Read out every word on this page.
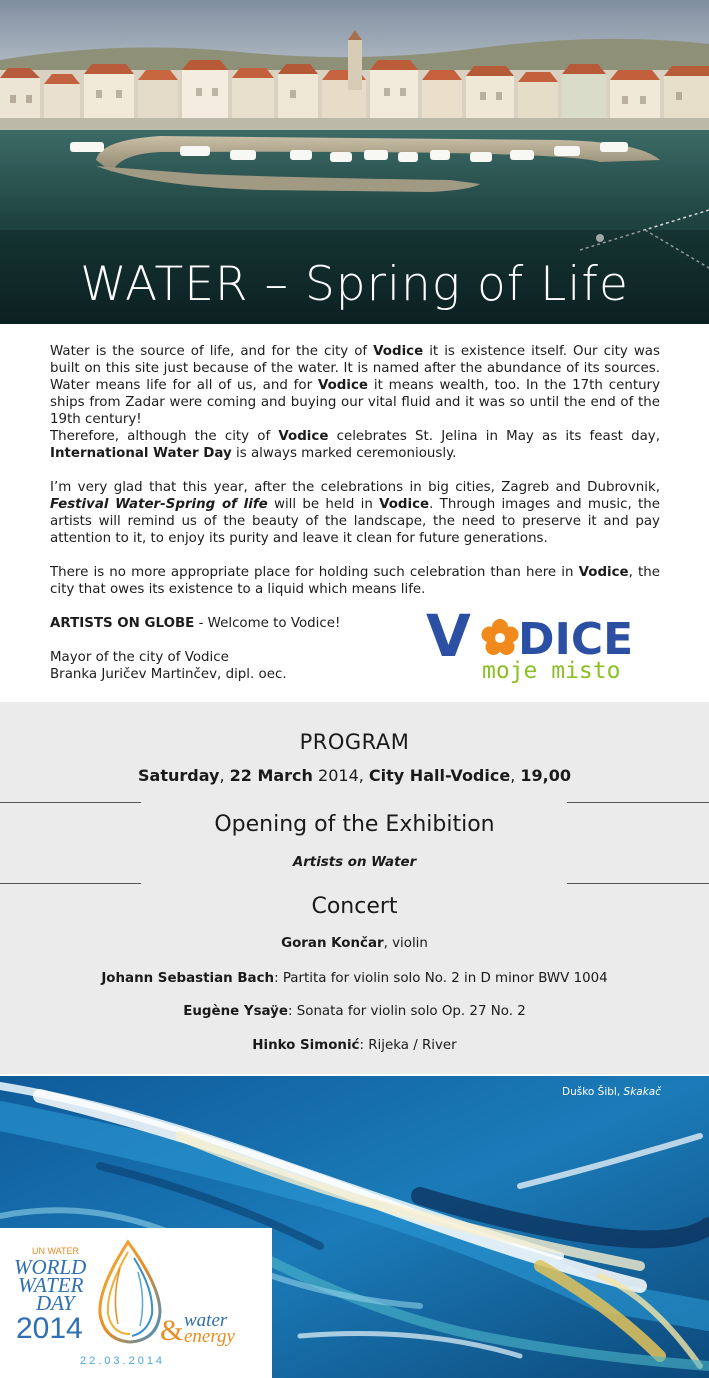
WATER – Spring of Life

Water is the source of life, and for the city of Vodice it is existence itself. Our city was built on this site just because of the water. It is named after the abundance of its sources. Water means life for all of us, and for Vodice it means wealth, too. In the 17th century ships from Zadar were coming and buying our vital fluid and it was so until the end of the 19th century!

Therefore, although the city of Vodice celebrates St. Jelina in May as its feast day, International Water Day is always marked ceremoniously.

I’m very glad that this year, after the celebrations in big cities, Zagreb and Dubrovnik, Festival Water-Spring of life will be held in Vodice. Through images and music, the artists will remind us of the beauty of the landscape, the need to preserve it and pay attention to it, to enjoy its purity and leave it clean for future generations.

There is no more appropriate place for holding such celebration than here in Vodice, the city that owes its existence to a liquid which means life.

ARTISTS ON GLOBE - Welcome to Vodice!

Mayor of the city of Vodice

Branka Juričev Martinčev, dipl. oec.

V DICE
moje misto
PROGRAM
Saturday, 22 March 2014, City Hall-Vodice, 19,00
Opening of the Exhibition
Artists on Water
Concert
Goran Končar, violin
Johann Sebastian Bach: Partita for violin solo No. 2 in D minor BWV 1004
Eugène Ysaÿe: Sonata for violin solo Op. 27 No. 2
Hinko Simonić: Rijeka / River
Duško Šibl, Skakač
UN WATER
WORLD
WATER
DAY
2014	& water
energy
22.03.2014
